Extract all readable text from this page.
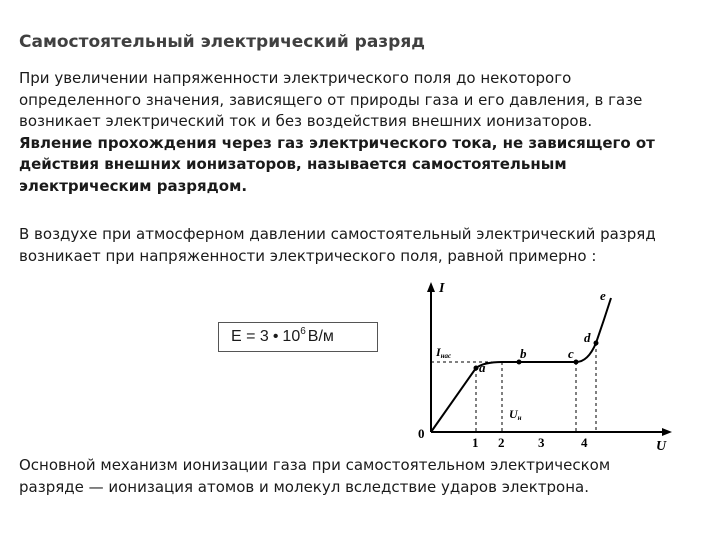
Самостоятельный электрический разряд
При увеличении напряженности электрического поля до некоторого
определенного значения, зависящего от природы газа и его давления, в газе
возникает электрический ток и без воздействия внешних ионизаторов.
Явление прохождения через газ электрического тока, не зависящего от
действия внешних ионизаторов, называется самостоятельным
электрическим разрядом.
В воздухе при атмосферном давлении самостоятельный электрический разряд
возникает при напряженности электрического поля, равной примерно :
E = 3 • $10^6$ В/м
I
U
0
Iнас
Uн
a
b	c
d
e
1 2	3	4
Основной механизм ионизации газа при самостоятельном электрическом
разряде — ионизация атомов и молекул вследствие ударов электрона.
